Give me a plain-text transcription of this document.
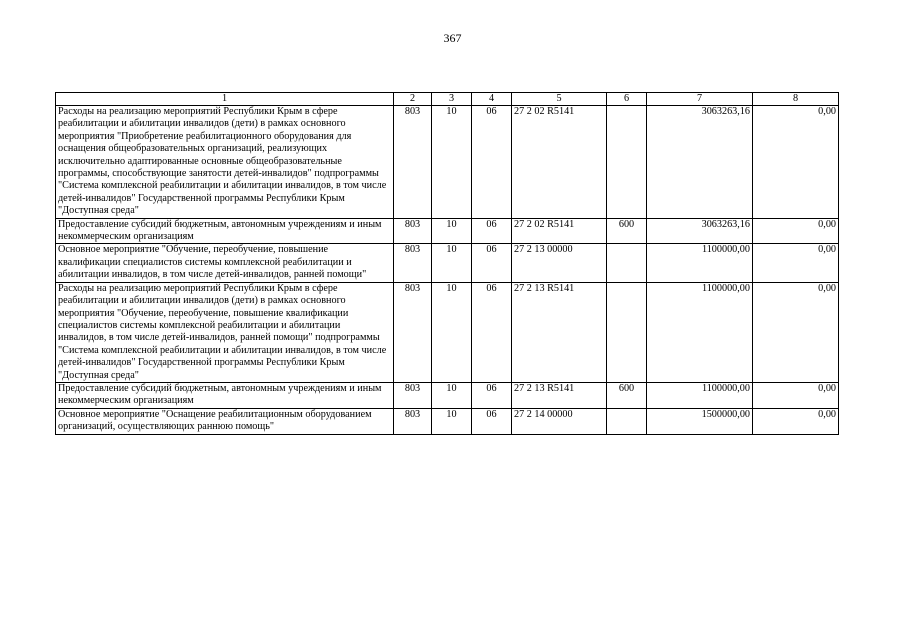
367
1	2	3	4	5	6	7	8
Расходы на реализацию мероприятий Республики Крым в сфере реабилитации и абилитации инвалидов (дети) в рамках основного мероприятия "Приобретение реабилитационного оборудования для оснащения общеобразовательных организаций, реализующих исключительно адаптированные основные общеобразовательные программы, способствующие занятости детей-инвалидов" подпрограммы "Система комплексной реабилитации и абилитации инвалидов, в том числе детей-инвалидов" Государственной программы Республики Крым "Доступная среда"	803	10	06	27 2 02 R5141		3063263,16	0,00
Предоставление субсидий бюджетным, автономным учреждениям и иным некоммерческим организациям	803	10	06	27 2 02 R5141	600	3063263,16	0,00
Основное мероприятие "Обучение, переобучение, повышение квалификации специалистов системы комплексной реабилитации и абилитации инвалидов, в том числе детей-инвалидов, ранней помощи"	803	10	06	27 2 13 00000		1100000,00	0,00
Расходы на реализацию мероприятий Республики Крым в сфере реабилитации и абилитации инвалидов (дети) в рамках основного мероприятия "Обучение, переобучение, повышение квалификации специалистов системы комплексной реабилитации и абилитации инвалидов, в том числе детей-инвалидов, ранней помощи" подпрограммы "Система комплексной реабилитации и абилитации инвалидов, в том числе детей-инвалидов" Государственной программы Республики Крым "Доступная среда"	803	10	06	27 2 13 R5141		1100000,00	0,00
Предоставление субсидий бюджетным, автономным учреждениям и иным некоммерческим организациям	803	10	06	27 2 13 R5141	600	1100000,00	0,00
Основное мероприятие "Оснащение реабилитационным оборудованием организаций, осуществляющих раннюю помощь"	803	10	06	27 2 14 00000		1500000,00	0,00
